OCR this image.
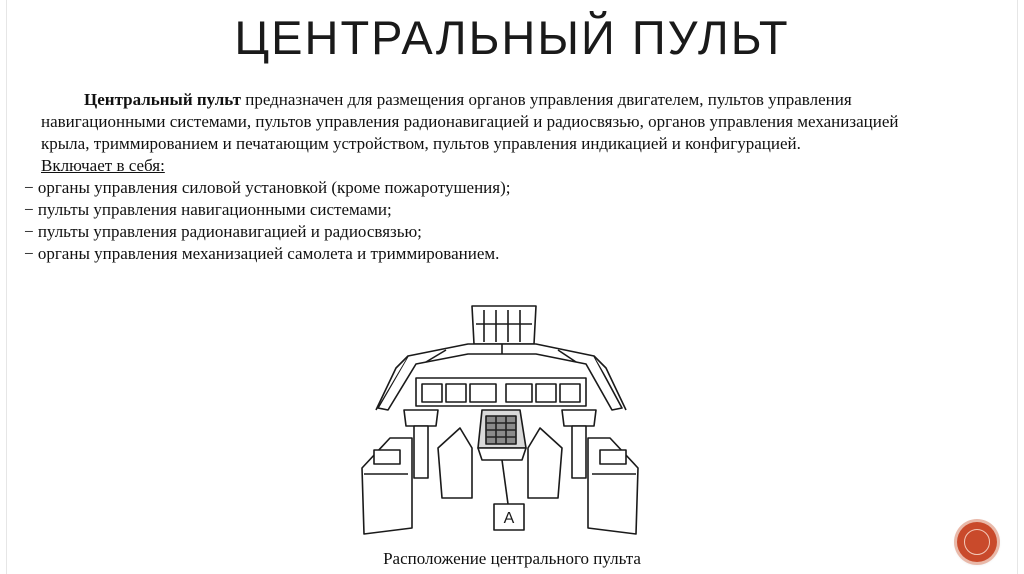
ЦЕНТРАЛЬНЫЙ ПУЛЬТ

Центральный пульт предназначен для размещения органов управления двигателем, пультов управления навигационными системами, пультов управления радионавигацией и радиосвязью, органов управления механизацией крыла, триммированием и печатающим устройством, пультов управления индикацией и конфигурацией.

Включает в себя:

− органы управления силовой установкой (кроме пожаротушения);
− пульты управления навигационными системами;
− пульты управления радионавигацией и радиосвязью;
− органы управления механизацией самолета и триммированием.
A
Расположение центрального пульта
